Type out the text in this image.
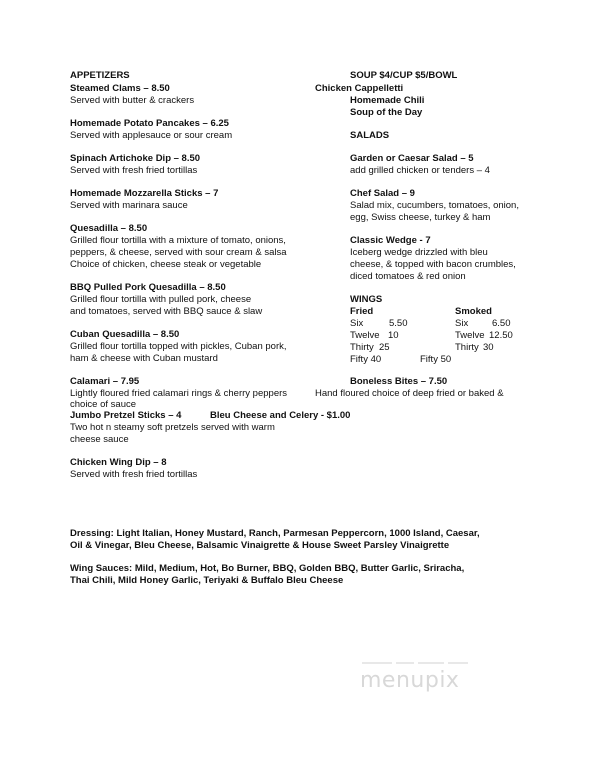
APPETIZERS
Steamed Clams – 8.50
Served with butter & crackers
Homemade Potato Pancakes – 6.25
Served with applesauce or sour cream
Spinach Artichoke Dip – 8.50
Served with fresh fried tortillas
Homemade Mozzarella Sticks – 7
Served with marinara sauce
Quesadilla – 8.50
Grilled flour tortilla with a mixture of tomato, onions,
peppers, & cheese, served with sour cream & salsa
Choice of chicken, cheese steak or vegetable
BBQ Pulled Pork Quesadilla – 8.50
Grilled flour tortilla with pulled pork, cheese
and tomatoes, served with BBQ sauce & slaw
Cuban Quesadilla – 8.50
Grilled flour tortilla topped with pickles, Cuban pork,
ham & cheese with Cuban mustard
Calamari – 7.95
Lightly floured fried calamari rings & cherry peppers
choice of sauce
Jumbo Pretzel Sticks – 4	Bleu Cheese and Celery - $1.00
Two hot n steamy soft pretzels served with warm
cheese sauce
Chicken Wing Dip – 8
Served with fresh fried tortillas
SOUP $4/CUP $5/BOWL
Chicken Cappelletti
Homemade Chili
Soup of the Day
SALADS
Garden or Caesar Salad – 5
add grilled chicken or tenders – 4
Chef Salad – 9
Salad mix, cucumbers, tomatoes, onion,
egg, Swiss cheese, turkey & ham
Classic Wedge - 7
Iceberg wedge drizzled with bleu
cheese, & topped with bacon crumbles,
diced tomatoes & red onion
WINGS
Fried	Smoked
Six	5.50	Six	6.50
Twelve 10	Twelve 12.50
Thirty 25	Thirty 30
Fifty 40	Fifty 50
Boneless Bites – 7.50
Hand floured choice of deep fried or baked &
Dressing: Light Italian, Honey Mustard, Ranch, Parmesan Peppercorn, 1000 Island, Caesar,
Oil & Vinegar, Bleu Cheese, Balsamic Vinaigrette & House Sweet Parsley Vinaigrette
Wing Sauces: Mild, Medium, Hot, Bo Burner, BBQ, Golden BBQ, Butter Garlic, Sriracha,
Thai Chili, Mild Honey Garlic, Teriyaki & Buffalo Bleu Cheese
menupix
